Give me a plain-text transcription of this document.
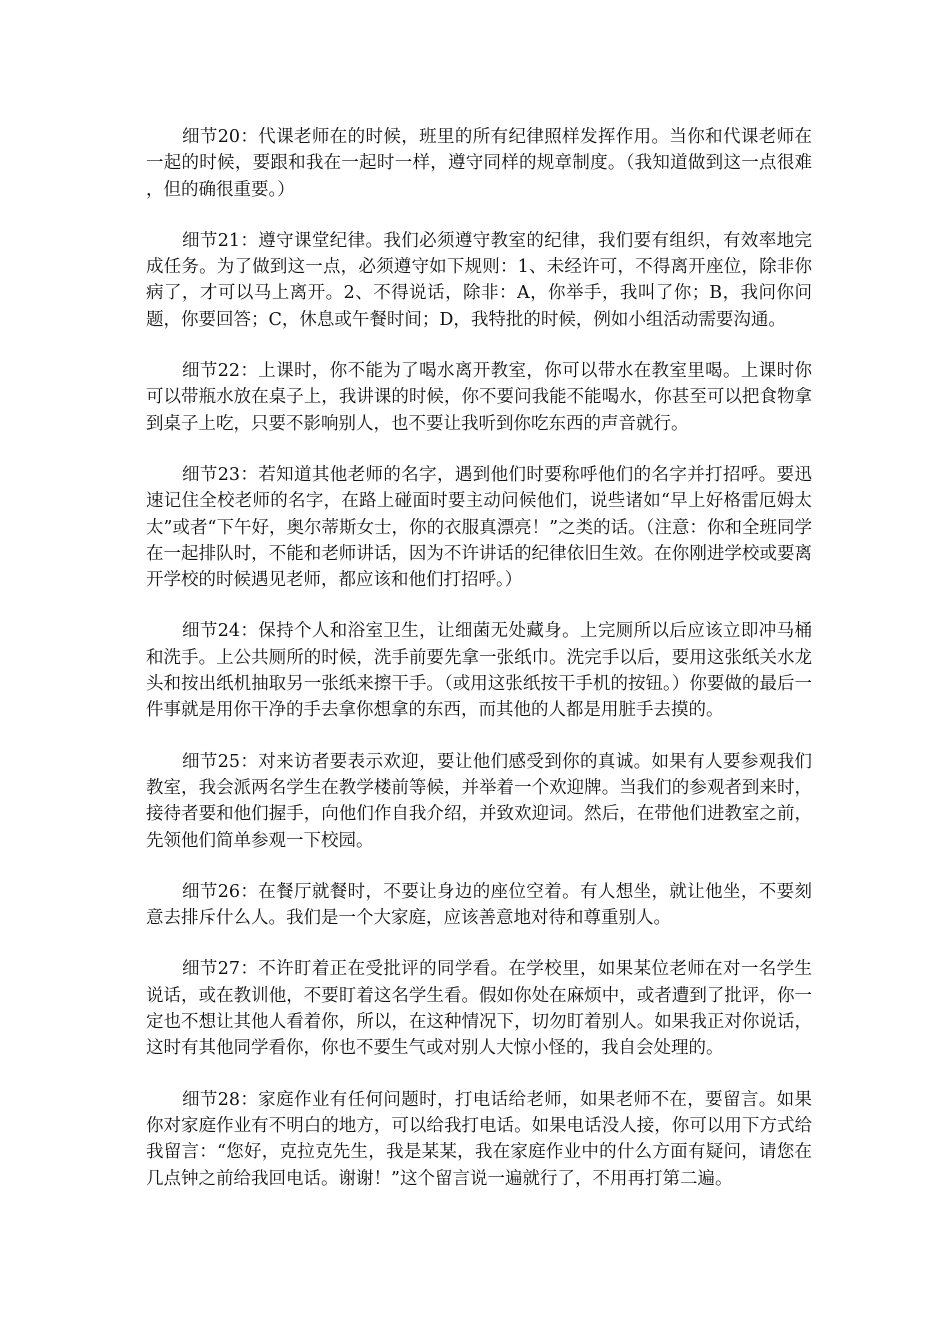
细节20：代课老师在的时候，班里的所有纪律照样发挥作用。当你和代课老师在一起的时候，要跟和我在一起时一样，遵守同样的规章制度。（我知道做到这一点很难，但的确很重要。）

细节21：遵守课堂纪律。我们必须遵守教室的纪律，我们要有组织，有效率地完成任务。为了做到这一点，必须遵守如下规则：1、未经许可，不得离开座位，除非你病了，才可以马上离开。2、不得说话，除非：A，你举手，我叫了你；B，我问你问题，你要回答；C，休息或午餐时间；D，我特批的时候，例如小组活动需要沟通。

细节22：上课时，你不能为了喝水离开教室，你可以带水在教室里喝。上课时你可以带瓶水放在桌子上，我讲课的时候，你不要问我能不能喝水，你甚至可以把食物拿到桌子上吃，只要不影响别人，也不要让我听到你吃东西的声音就行。

细节23：若知道其他老师的名字，遇到他们时要称呼他们的名字并打招呼。要迅速记住全校老师的名字，在路上碰面时要主动问候他们，说些诸如“早上好格雷厄姆太太”或者“下午好，奥尔蒂斯女士，你的衣服真漂亮！”之类的话。（注意：你和全班同学在一起排队时，不能和老师讲话，因为不许讲话的纪律依旧生效。在你刚进学校或要离开学校的时候遇见老师，都应该和他们打招呼。）

细节24：保持个人和浴室卫生，让细菌无处藏身。上完厕所以后应该立即冲马桶和洗手。上公共厕所的时候，洗手前要先拿一张纸巾。洗完手以后，要用这张纸关水龙头和按出纸机抽取另一张纸来擦干手。（或用这张纸按干手机的按钮。）你要做的最后一件事就是用你干净的手去拿你想拿的东西，而其他的人都是用脏手去摸的。

细节25：对来访者要表示欢迎，要让他们感受到你的真诚。如果有人要参观我们教室，我会派两名学生在教学楼前等候，并举着一个欢迎牌。当我们的参观者到来时，接待者要和他们握手，向他们作自我介绍，并致欢迎词。然后，在带他们进教室之前，先领他们简单参观一下校园。

细节26：在餐厅就餐时，不要让身边的座位空着。有人想坐，就让他坐，不要刻意去排斥什么人。我们是一个大家庭，应该善意地对待和尊重别人。

细节27：不许盯着正在受批评的同学看。在学校里，如果某位老师在对一名学生说话，或在教训他，不要盯着这名学生看。假如你处在麻烦中，或者遭到了批评，你一定也不想让其他人看着你，所以，在这种情况下，切勿盯着别人。如果我正对你说话，这时有其他同学看你，你也不要生气或对别人大惊小怪的，我自会处理的。

细节28：家庭作业有任何问题时，打电话给老师，如果老师不在，要留言。如果你对家庭作业有不明白的地方，可以给我打电话。如果电话没人接，你可以用下方式给我留言：“您好，克拉克先生，我是某某，我在家庭作业中的什么方面有疑问，请您在几点钟之前给我回电话。谢谢！”这个留言说一遍就行了，不用再打第二遍。
